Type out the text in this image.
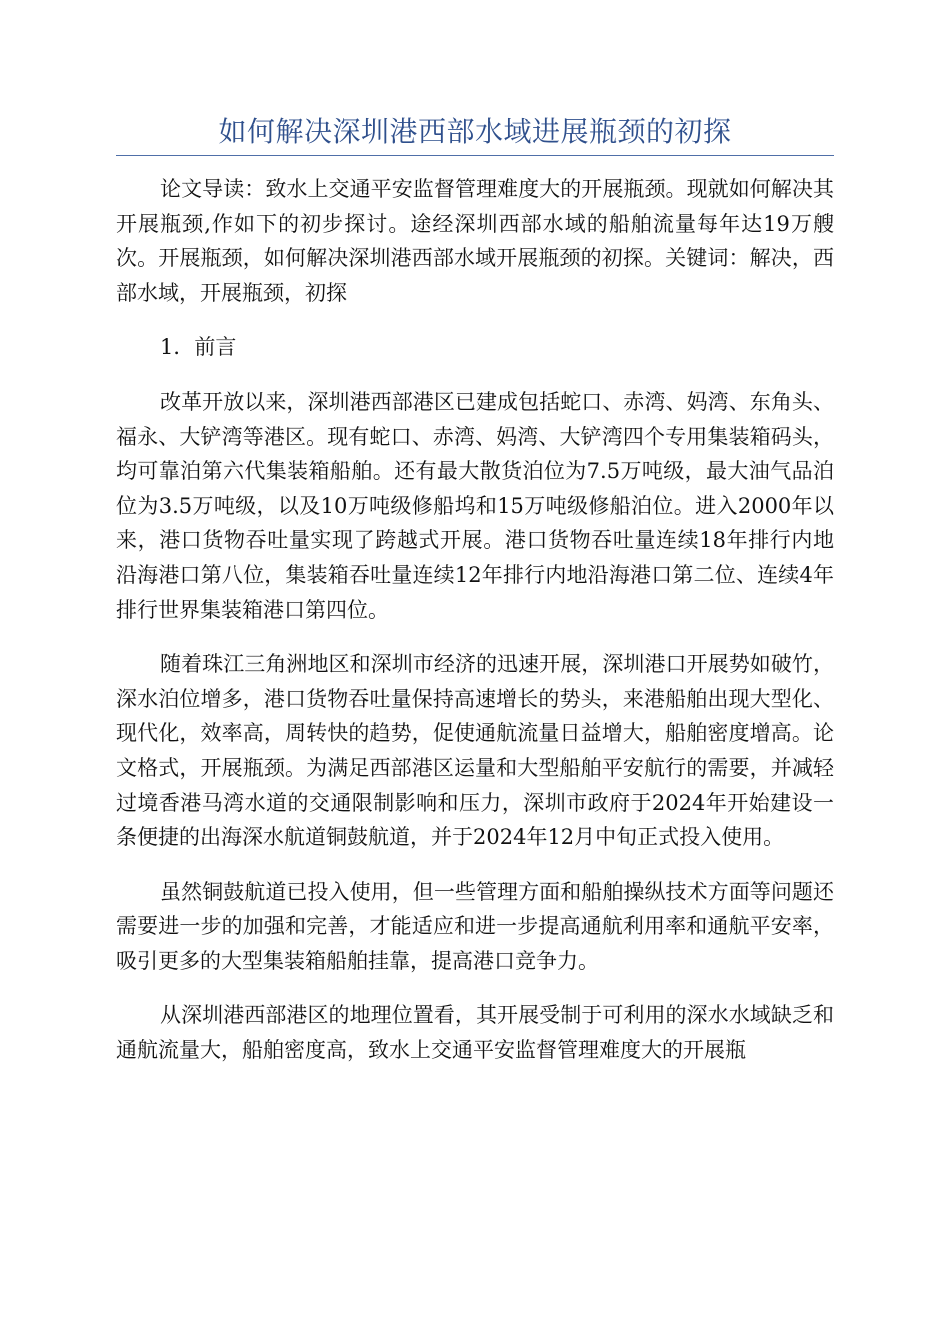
如何解决深圳港西部水域进展瓶颈的初探

论文导读：致水上交通平安监督管理难度大的开展瓶颈。现就如何解决其开展瓶颈,作如下的初步探讨。途经深圳西部水域的船舶流量每年达19万艘次。开展瓶颈，如何解决深圳港西部水域开展瓶颈的初探。关键词：解决，西部水域，开展瓶颈，初探

1．前言

改革开放以来，深圳港西部港区已建成包括蛇口、赤湾、妈湾、东角头、福永、大铲湾等港区。现有蛇口、赤湾、妈湾、大铲湾四个专用集装箱码头，均可靠泊第六代集装箱船舶。还有最大散货泊位为7.5万吨级，最大油气品泊位为3.5万吨级，以及10万吨级修船坞和15万吨级修船泊位。进入2000年以来，港口货物吞吐量实现了跨越式开展。港口货物吞吐量连续18年排行内地沿海港口第八位，集装箱吞吐量连续12年排行内地沿海港口第二位、连续4年排行世界集装箱港口第四位。

随着珠江三角洲地区和深圳市经济的迅速开展，深圳港口开展势如破竹，深水泊位增多，港口货物吞吐量保持高速增长的势头，来港船舶出现大型化、现代化，效率高，周转快的趋势，促使通航流量日益增大，船舶密度增高。论文格式，开展瓶颈。为满足西部港区运量和大型船舶平安航行的需要，并减轻过境香港马湾水道的交通限制影响和压力，深圳市政府于2024年开始建设一条便捷的出海深水航道铜鼓航道，并于2024年12月中旬正式投入使用。

虽然铜鼓航道已投入使用，但一些管理方面和船舶操纵技术方面等问题还需要进一步的加强和完善，才能适应和进一步提高通航利用率和通航平安率，吸引更多的大型集装箱船舶挂靠，提高港口竞争力。

从深圳港西部港区的地理位置看，其开展受制于可利用的深水水域缺乏和通航流量大，船舶密度高，致水上交通平安监督管理难度大的开展瓶
